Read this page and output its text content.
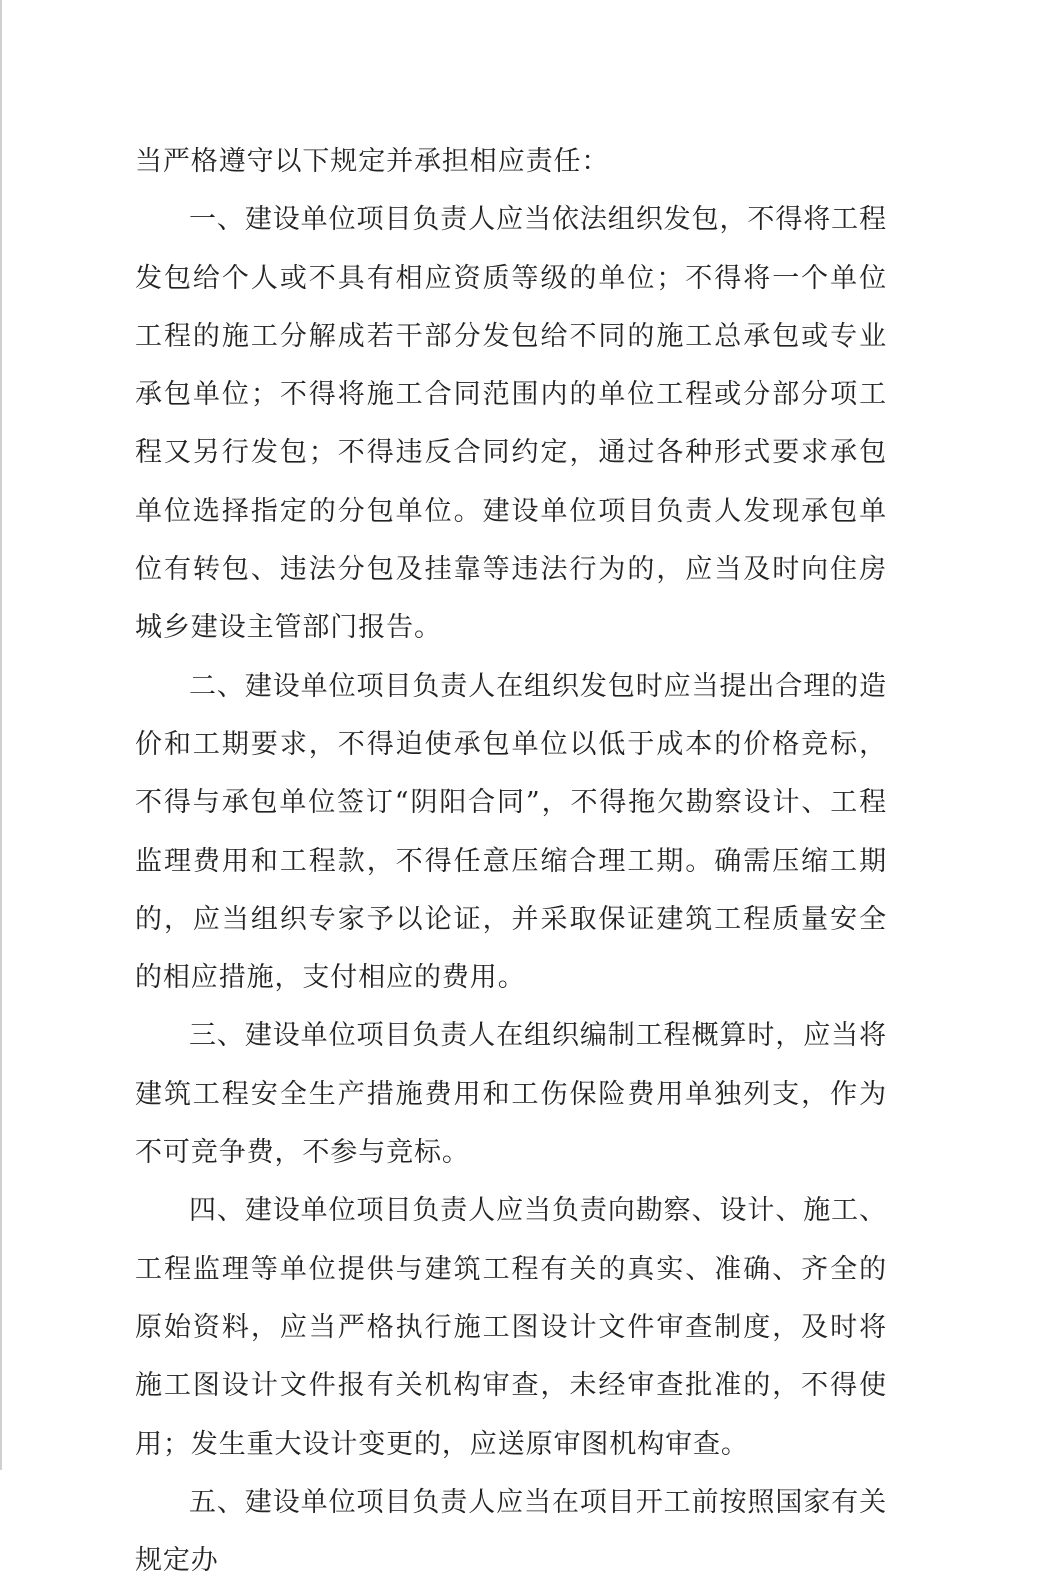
当严格遵守以下规定并承担相应责任：

一、建设单位项目负责人应当依法组织发包，不得将工程发包给个人或不具有相应资质等级的单位；不得将一个单位工程的施工分解成若干部分发包给不同的施工总承包或专业承包单位；不得将施工合同范围内的单位工程或分部分项工程又另行发包；不得违反合同约定，通过各种形式要求承包单位选择指定的分包单位。建设单位项目负责人发现承包单位有转包、违法分包及挂靠等违法行为的，应当及时向住房城乡建设主管部门报告。

二、建设单位项目负责人在组织发包时应当提出合理的造价和工期要求，不得迫使承包单位以低于成本的价格竞标，不得与承包单位签订“阴阳合同”，不得拖欠勘察设计、工程监理费用和工程款，不得任意压缩合理工期。确需压缩工期的，应当组织专家予以论证，并采取保证建筑工程质量安全的相应措施，支付相应的费用。

三、建设单位项目负责人在组织编制工程概算时，应当将建筑工程安全生产措施费用和工伤保险费用单独列支，作为不可竞争费，不参与竞标。

四、建设单位项目负责人应当负责向勘察、设计、施工、工程监理等单位提供与建筑工程有关的真实、准确、齐全的原始资料，应当严格执行施工图设计文件审查制度，及时将施工图设计文件报有关机构审查，未经审查批准的，不得使用；发生重大设计变更的，应送原审图机构审查。

五、建设单位项目负责人应当在项目开工前按照国家有关规定办
